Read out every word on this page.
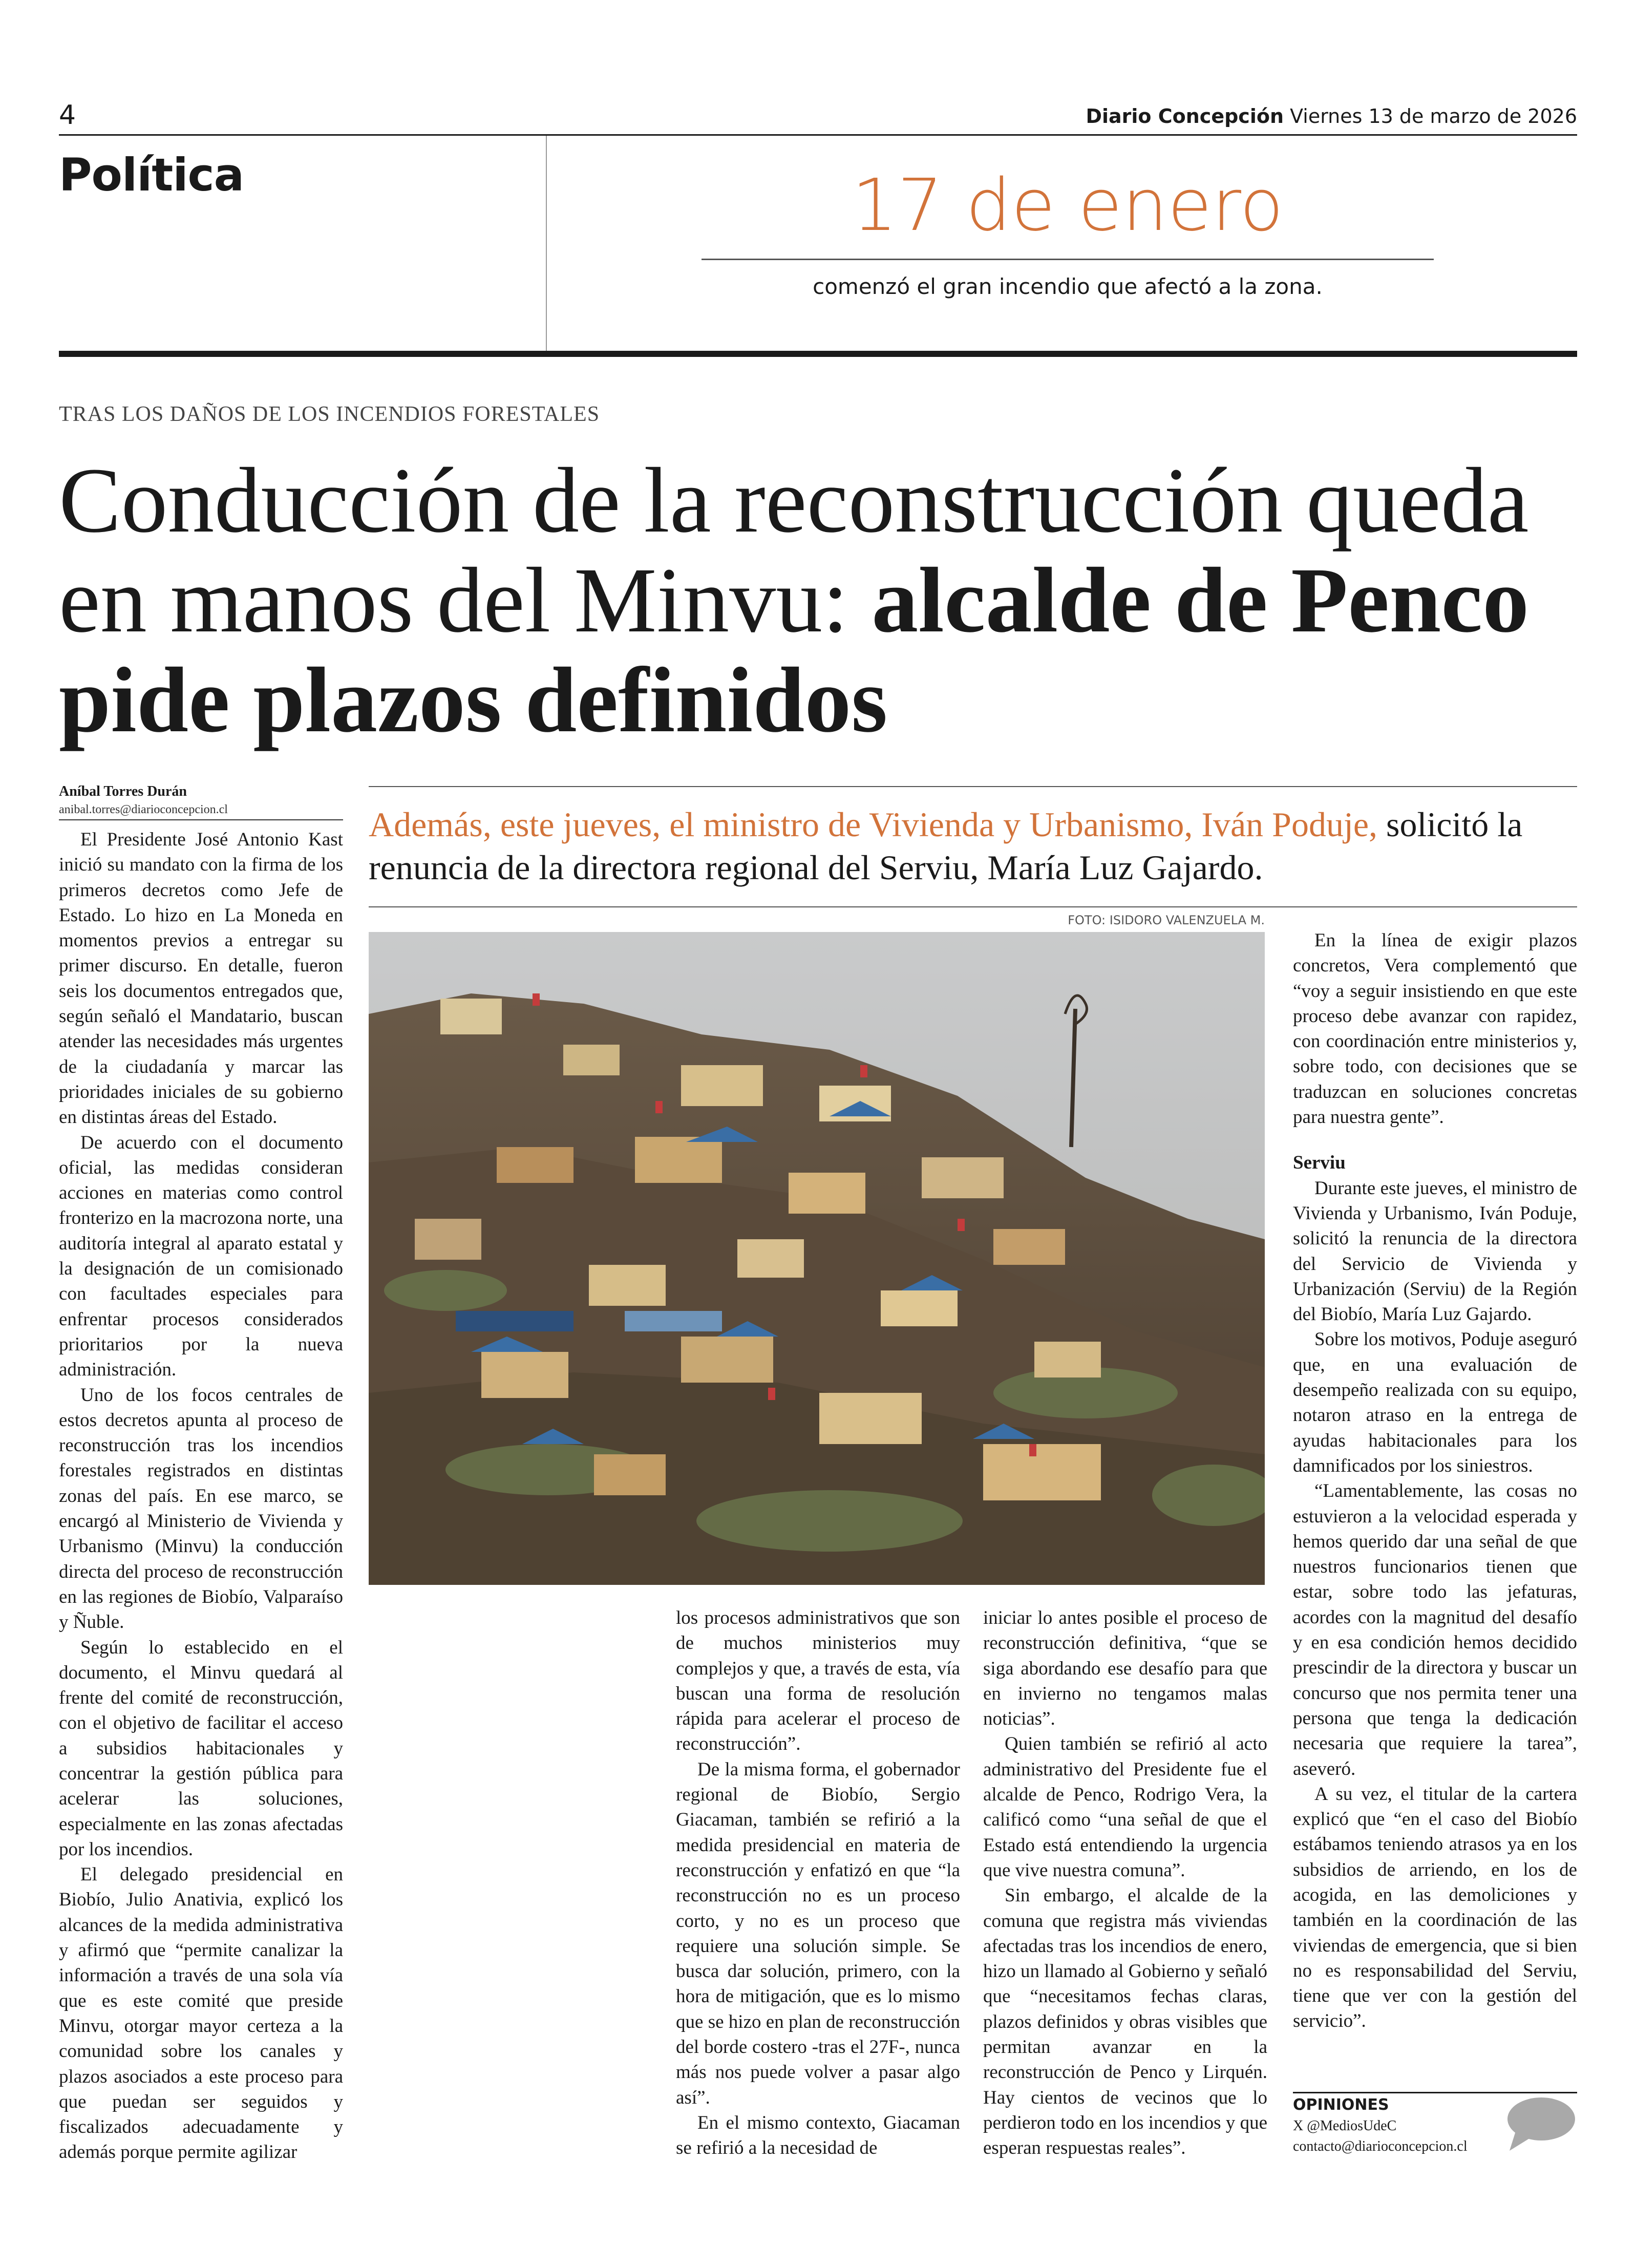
4	Diario Concepción Viernes 13 de marzo de 2026
Política	17 de enero
comenzó el gran incendio que afectó a la zona.
TRAS LOS DAÑOS DE LOS INCENDIOS FORESTALES
Conducción de la reconstrucción queda en manos del Minvu: alcalde de Penco pide plazos definidos
Aníbal Torres Durán
anibal.torres@diarioconcepcion.cl	Además, este jueves, el ministro de Vivienda y Urbanismo, Iván Poduje, solicitó la renuncia de la directora regional del Serviu, María Luz Gajardo.
FOTO: ISIDORO VALENZUELA M.

El Presidente José Antonio Kast inició su mandato con la firma de los primeros decretos como Jefe de Estado. Lo hizo en La Moneda en momentos previos a entregar su primer discurso. En detalle, fueron seis los documentos entregados que, según señaló el Mandatario, buscan atender las necesidades más urgentes de la ciudadanía y marcar las prioridades iniciales de su gobierno en distintas áreas del Estado.

De acuerdo con el documento oficial, las medidas consideran acciones en materias como control fronterizo en la macrozona norte, una auditoría integral al aparato estatal y la designación de un comisionado con facultades especiales para enfrentar procesos considerados prioritarios por la nueva administración.

Uno de los focos centrales de estos decretos apunta al proceso de reconstrucción tras los incendios forestales registrados en distintas zonas del país. En ese marco, se encargó al Ministerio de Vivienda y Urbanismo (Minvu) la conducción directa del proceso de reconstrucción en las regiones de Biobío, Valparaíso y Ñuble.

Según lo establecido en el documento, el Minvu quedará al frente del comité de reconstrucción, con el objetivo de facilitar el acceso a subsidios habitacionales y concentrar la gestión pública para acelerar las soluciones, especialmente en las zonas afectadas por los incendios.

El delegado presidencial en Biobío, Julio Anativia, explicó los alcances de la medida administrativa y afirmó que “permite canalizar la información a través de una sola vía que es este comité que preside Minvu, otorgar mayor certeza a la comunidad sobre los canales y plazos asociados a este proceso para que puedan ser seguidos y fiscalizados adecuadamente y además porque permite agilizar

los procesos administrativos que son de muchos ministerios muy complejos y que, a través de esta, vía buscan una forma de resolución rápida para acelerar el proceso de reconstrucción”.

De la misma forma, el gobernador regional de Biobío, Sergio Giacaman, también se refirió a la medida presidencial en materia de reconstrucción y enfatizó en que “la reconstrucción no es un proceso corto, y no es un proceso que requiere una solución simple. Se busca dar solución, primero, con la hora de mitigación, que es lo mismo que se hizo en plan de reconstrucción del borde costero -tras el 27F-, nunca más nos puede volver a pasar algo así”.

En el mismo contexto, Giacaman se refirió a la necesidad de

iniciar lo antes posible el proceso de reconstrucción definitiva, “que se siga abordando ese desafío para que en invierno no tengamos malas noticias”.

Quien también se refirió al acto administrativo del Presidente fue el alcalde de Penco, Rodrigo Vera, la calificó como “una señal de que el Estado está entendiendo la urgencia que vive nuestra comuna”.

Sin embargo, el alcalde de la comuna que registra más viviendas afectadas tras los incendios de enero, hizo un llamado al Gobierno y señaló que “necesitamos fechas claras, plazos definidos y obras visibles que permitan avanzar en la reconstrucción de Penco y Lirquén. Hay cientos de vecinos que lo perdieron todo en los incendios y que esperan respuestas reales”.

En la línea de exigir plazos concretos, Vera complementó que “voy a seguir insistiendo en que este proceso debe avanzar con rapidez, con coordinación entre ministerios y, sobre todo, con decisiones que se traduzcan en soluciones concretas para nuestra gente”.

Serviu

Durante este jueves, el ministro de Vivienda y Urbanismo, Iván Poduje, solicitó la renuncia de la directora del Servicio de Vivienda y Urbanización (Serviu) de la Región del Biobío, María Luz Gajardo.

Sobre los motivos, Poduje aseguró que, en una evaluación de desempeño realizada con su equipo, notaron atraso en la entrega de ayudas habitacionales para los damnificados por los siniestros.

“Lamentablemente, las cosas no estuvieron a la velocidad esperada y hemos querido dar una señal de que nuestros funcionarios tienen que estar, sobre todo las jefaturas, acordes con la magnitud del desafío y en esa condición hemos decidido prescindir de la directora y buscar un concurso que nos permita tener una persona que tenga la dedicación necesaria que requiere la tarea”, aseveró.

A su vez, el titular de la cartera explicó que “en el caso del Biobío estábamos teniendo atrasos ya en los subsidios de arriendo, en los de acogida, en las demoliciones y también en la coordinación de las viviendas de emergencia, que si bien no es responsabilidad del Serviu, tiene que ver con la gestión del servicio”.

OPINIONES
X @MediosUdeC
contacto@diarioconcepcion.cl
